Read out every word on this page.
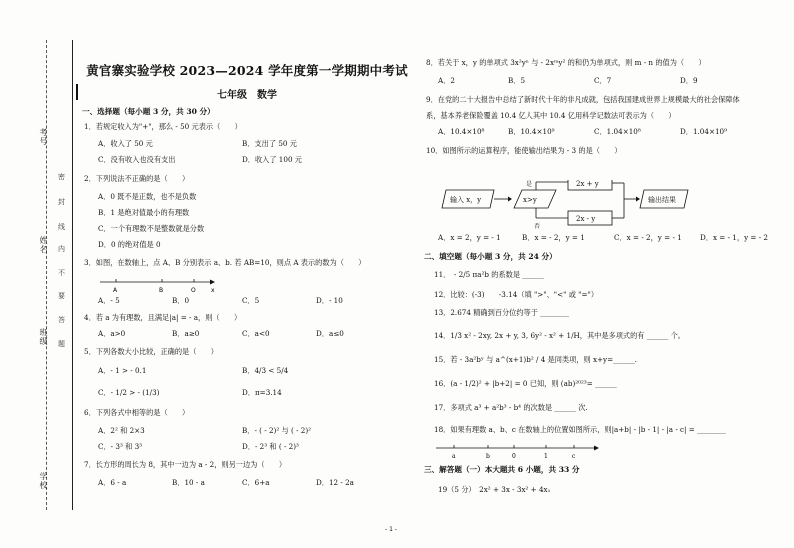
考号
姓名
班级
学校
密
封
线
内
不
要
答
题
黄官寨实验学校 2023—2024 学年度第一学期期中考试
七年级 数学
一、选择题（每小题 3 分，共 30 分）
1．若规定收入为"+"，那么 - 50 元表示（　　）
A．收入了 50 元	B．支出了 50 元
C．没有收入也没有支出	D．收入了 100 元
2．下列说法不正确的是（　　）
A．0 既不是正数，也不是负数
B．1 是绝对值最小的有理数
C．一个有理数不是整数就是分数
D．0 的绝对值是 0
3．如图，在数轴上，点 A、B 分别表示 a、b. 若 AB=10，则点 A 表示的数为（　　）
A	B	O	x
A．- 5	B．0	C．5	D．- 10
4．若 a 为有理数，且满足|a| = - a，则（　　）
A．a>0	B．a≥0	C．a<0	D．a≤0
5．下列各数大小比较，正确的是（　　）
A．- 1 > - 0.1	B．4/3 < 5/4
C．- 1/2 > - (1/3)	D．π=3.14
6．下列各式中相等的是（　　）
A．2² 和 2×3	B．- ( - 2)² 与 ( - 2)²
C．- 3³ 和 3³	D．- 2³ 和 ( - 2)³
7．长方形的周长为 8，其中一边为 a - 2，则另一边为（　　）
A．6 - a	B．10 - a	C．6+a	D．12 - 2a
8．若关于 x，y 的单项式 3x²yⁿ 与 - 2xᵐy² 的和仍为单项式，则 m - n 的值为（　　）
A．2	B．5	C．7	D．9
9．在党的二十大报告中总结了新时代十年的非凡成就，包括我国建成世界上规模最大的社会保障体
系，基本养老保险覆盖 10.4 亿人其中 10.4 亿用科学记数法可表示为（　　）
A．10.4×10⁸	B．10.4×10⁹	C．1.04×10⁸	D．1.04×10⁹
10．如图所示的运算程序，能使输出结果为 - 3 的是（　　）
输入 x，y	x>y
是
否
2x + y
2x - y
输出结果
A．x = 2，y = - 1	B．x = - 2，y = 1	C．x = - 2，y = - 1	D．x = - 1，y = - 2
二、填空题（每小题 3 分，共 24 分）
11．　- 2/5 πa²b 的系数是 ______
12．比较：(-3)　　-3.14（填 ">"、"<" 或 "="）
13．2.674 精确到百分位约等于 ________
14．1/3 x² - 2xy, 2x + y, 3, 6y² - x² + 1/H，其中是多项式的有 ______ 个。
15．若 - 3a²bʸ 与 a^(x+1)b² / 4 是同类项，则 x+y=______.
16．(a - 1/2)² + |b+2| = 0 已知，则 (ab)²⁰²³= ______
17．多项式 a³ + a²b³ - b⁴ 的次数是 ______ 次.
18．如果有理数 a、b、c 在数轴上的位置如图所示，则|a+b| - |b - 1| - |a - c| = ________
a	b	0	1	c
三、解答题（一）本大题共 6 小题，共 33 分
19（5 分）　2x² + 3x - 3x² + 4x₁
- 1 -
